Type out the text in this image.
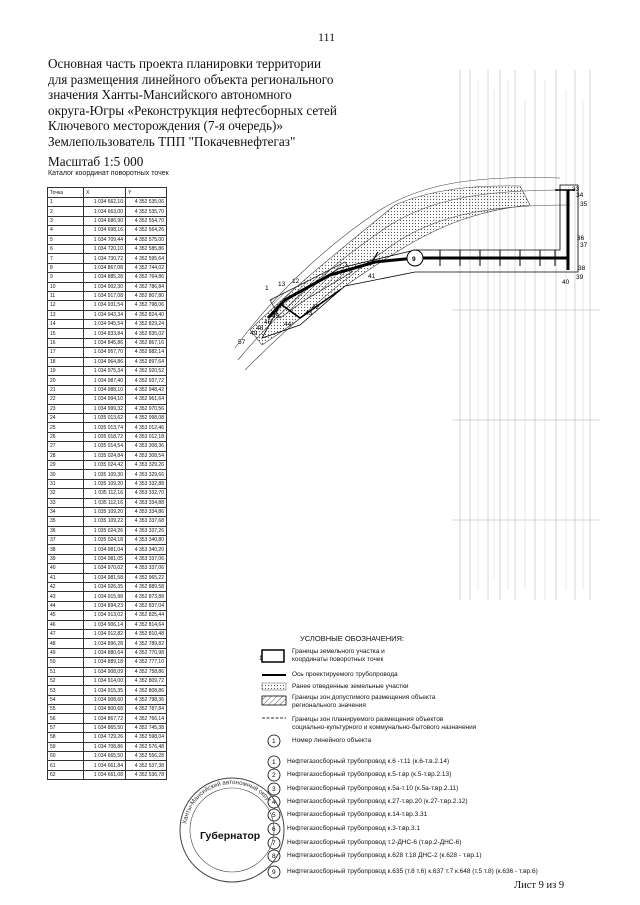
111
Основная часть проекта планировки территории
для размещения линейного объекта регионального
значения Ханты-Мансийского автономного
округа-Югры «Реконструкция нефтесборных сетей
Ключевого месторождения (7-я очередь)»
Землепользователь ТПП "Покачевнефтегаз"
Масштаб 1:5 000
Каталог координат поворотных точек
Точка	X	Y
1	1 034 662,10	4 352 535,06
2	1 034 663,00	4 352 535,70
3	1 034 686,90	4 352 554,70
4	1 034 698,16	4 352 564,26
5	1 034 709,44	4 352 575,00
6	1 034 720,10	4 352 585,86
7	1 034 730,72	4 352 595,64
8	1 034 867,08	4 352 744,02
9	1 034 885,28	4 352 764,86
10	1 034 902,30	4 352 786,84
11	1 034 917,08	4 352 807,80
12	1 034 931,54	4 352 798,06
13	1 034 943,34	4 352 824,40
14	1 034 945,54	4 352 829,24
15	1 034 833,84	4 352 835,02
16	1 034 845,86	4 352 867,16
17	1 034 957,70	4 352 882,14
18	1 034 964,86	4 352 897,64
19	1 034 975,34	4 352 920,52
20	1 034 987,40	4 352 937,72
21	1 034 988,10	4 352 948,42
22	1 034 994,10	4 352 961,64
23	1 034 999,32	4 352 970,56
24	1 035 013,62	4 352 998,08
25	1 035 013,74	4 353 012,46
26	1 035 018,72	4 353 012,18
27	1 035 014,54	4 353 308,36
28	1 035 024,84	4 353 308,54
29	1 035 024,42	4 353 329,26
30	1 035 109,30	4 353 329,66
31	1 035 109,20	4 353 332,88
32	1 035 112,16	4 353 332,70
33	1 035 112,16	4 353 334,88
34	1 035 109,20	4 353 334,86
35	1 035 109,22	4 353 337,68
36	1 035 024,26	4 353 337,26
37	1 035 024,18	4 353 340,80
38	1 034 981,04	4 353 340,20
39	1 034 981,05	4 353 337,06
40	1 034 970,02	4 353 337,06
41	1 034 981,58	4 352 965,22
42	1 034 926,35	4 352 889,58
43	1 034 915,98	4 352 873,88
44	1 034 894,23	4 352 837,04
45	1 034 913,02	4 352 825,44
46	1 034 906,14	4 352 814,64
47	1 034 912,82	4 352 810,48
48	1 034 896,28	4 352 789,82
49	1 034 880,64	4 352 770,98
50	1 034 889,18	4 352 777,10
51	1 034 908,09	4 352 758,86
52	1 034 914,00	4 352 809,72
53	1 034 915,35	4 352 808,86
54	1 034 908,60	4 352 798,36
55	1 034 800,68	4 352 787,84
56	1 034 867,72	4 352 766,14
57	1 034 865,50	4 352 745,38
58	1 034 729,26	4 352 598,04
59	1 034 708,86	4 352 576,48
60	1 034 665,50	4 352 556,28
61	1 034 661,84	4 352 537,38
62	1 034 661,08	4 352 536,78
1
13 12
41
9
33
34
35
36
37
38
39
40
42
43
44
45
46
48
49
57
1
1
1
2
3
4
5
6
7
8
9
Ханты-Мансийский автономный округ
Губернатор
УСЛОВНЫЕ ОБОЗНАЧЕНИЯ:
Границы земельного участка и
координаты поворотных точек
Ось проектируемого трубопровода
Ранее отведенные земельные участки
Границы зон допустимого размещения объекта
регионального значения
Границы зон планируемого размещения объектов
социально-культурного и коммунально-бытового назначения
Номер линейного объекта
Нефтегазосборный трубопровод к.6 -т.11 (к.6-т.в.2.14)
Нефтегазосборный трубопровод к.5-т.вр (к.5-т.вр.2.13)
Нефтегазосборный трубопровод к.5а-т.10 (к.5а-т.вр.2.11)
Нефтегазосборный трубопровод к.27-т.вр.20 (к.27-т.вр.2.12)
Нефтегазосборный трубопровод к.14-т.вр.3.31
Нефтегазосборный трубопровод к.3-т.вр.3.1
Нефтегазосборный трубопровод т.2-ДНС-6 (т.вр.2-ДНС-6)
Нефтегазосборный трубопровод к.628 т.18 ДНС-2 (к.628 - т.вр.1)
Нефтегазосборный трубопровод к.635 (т.8 т.6) к.637 т.7 к.648 (т.5 т.8) (к.636 - т.вр.6)
Лист 9 из 9
